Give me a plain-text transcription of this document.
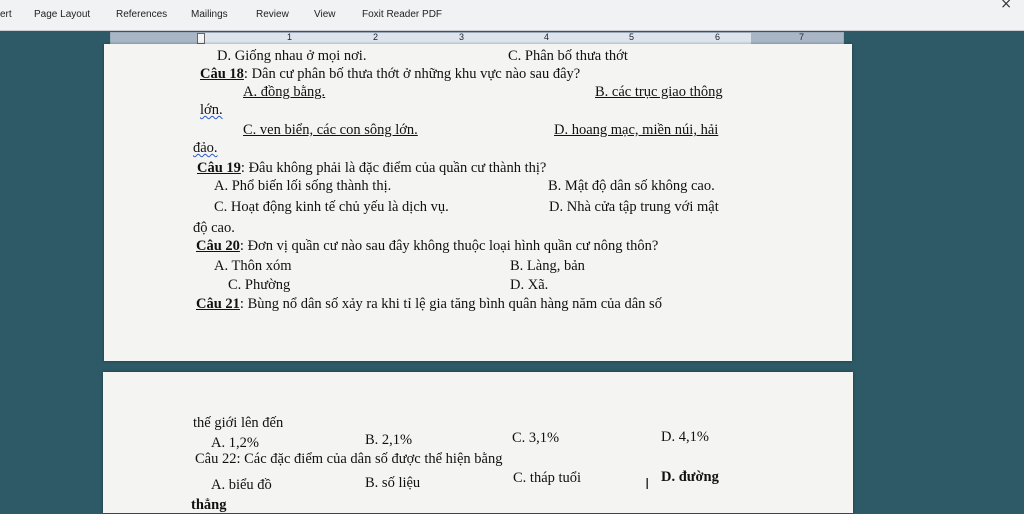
ert Page Layout	References Mailings	Review	View	Foxit Reader PDF
×
1	2	3	4	5	6	7
D. Giống nhau ở mọi nơi.	C. Phân bố thưa thớt
Câu 18: Dân cư phân bố thưa thớt ở những khu vực nào sau đây?
A. đồng bằng.	B. các trục giao thông
lớn.
C. ven biển, các con sông lớn.	D. hoang mạc, miền núi, hải
đảo.
Câu 19: Đâu không phải là đặc điểm của quần cư thành thị?
A. Phổ biến lối sống thành thị.	B. Mật độ dân số không cao.
C. Hoạt động kinh tế chủ yếu là dịch vụ.	D. Nhà cửa tập trung với mật
độ cao.
Câu 20: Đơn vị quần cư nào sau đây không thuộc loại hình quần cư nông thôn?
A. Thôn xóm	B. Làng, bản
C. Phường	D. Xã.
Câu 21: Bùng nổ dân số xảy ra khi tỉ lệ gia tăng bình quân hàng năm của dân số
thế giới lên đến
A. 1,2%	B. 2,1%	C. 3,1%	D. 4,1%
Câu 22: Các đặc điểm của dân số được thể hiện bằng
A. biểu đồ	B. số liệu	C. tháp tuổi	D. đường
thẳng
I
